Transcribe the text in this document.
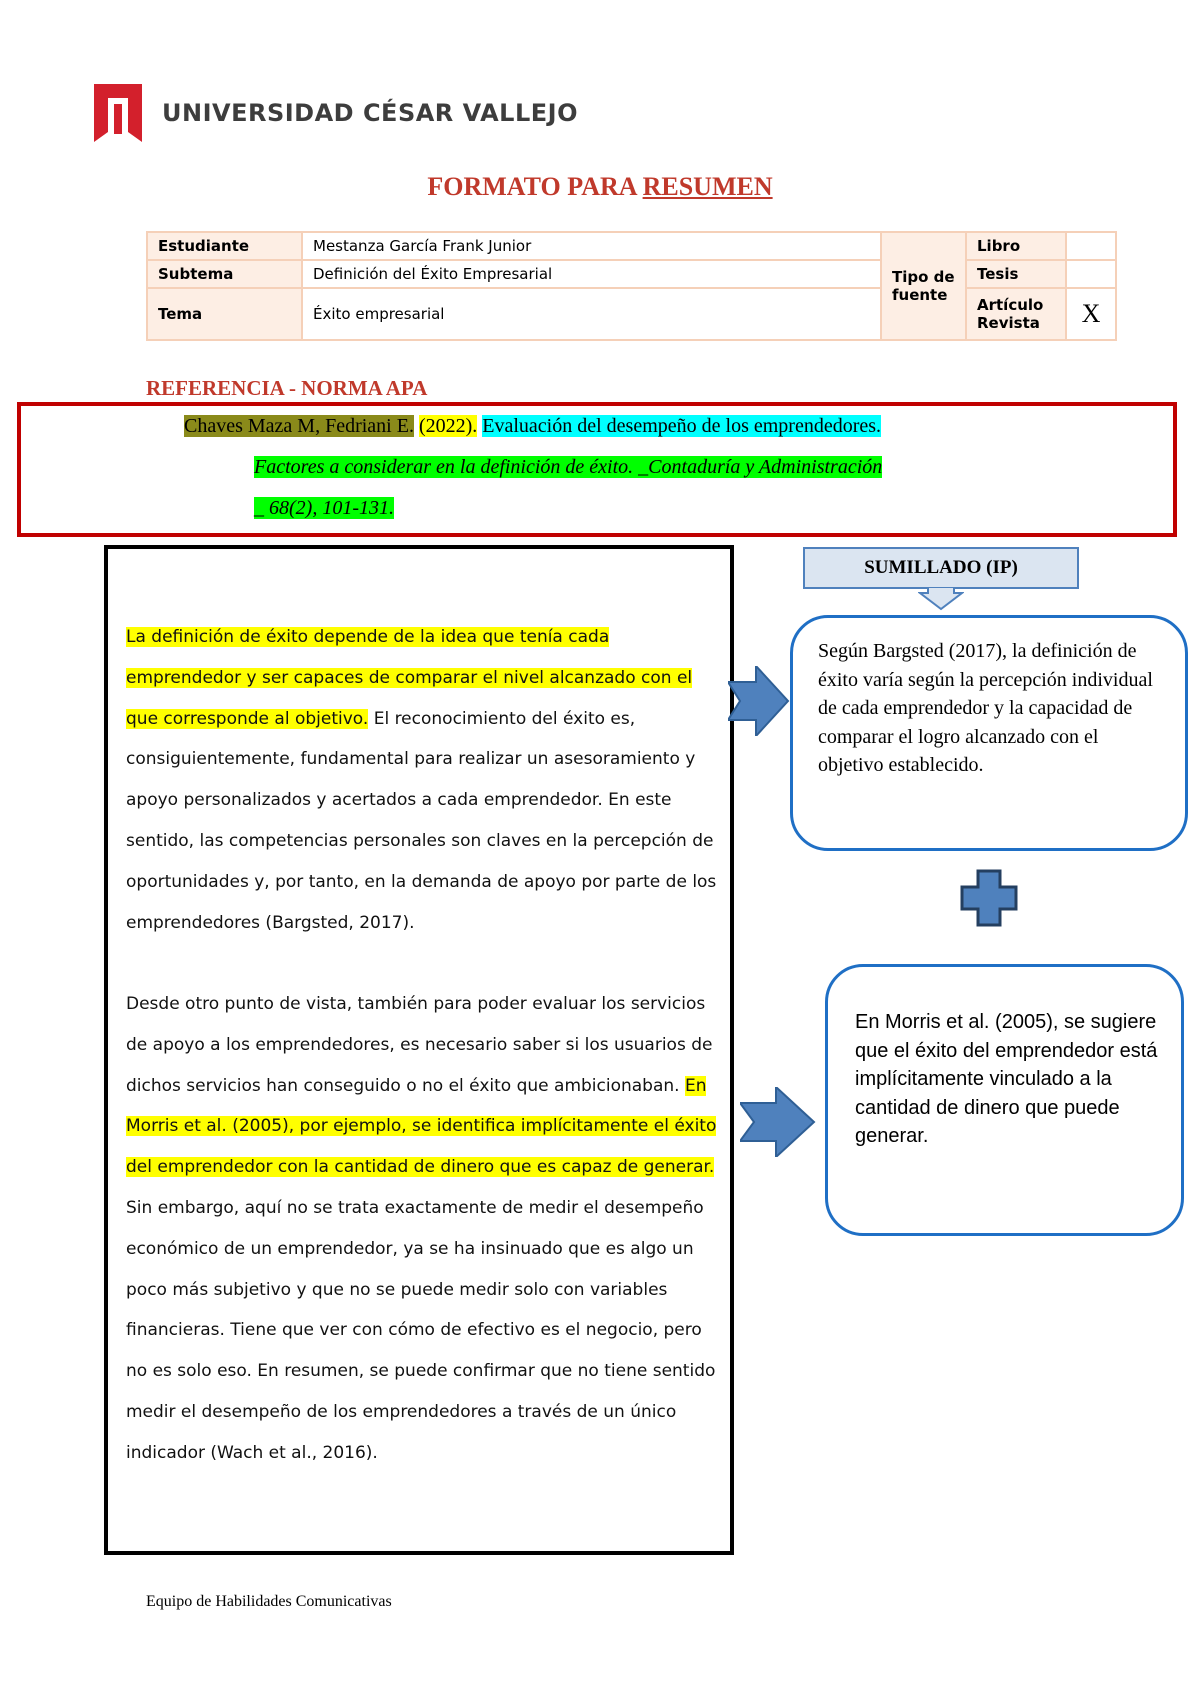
UNIVERSIDAD CÉSAR VALLEJO
FORMATO PARA RESUMEN
Estudiante	Mestanza García Frank Junior	Tipo de fuente	Libro	
Subtema	Definición del Éxito Empresarial		Tesis	
Tema	Éxito empresarial		Artículo Revista	X
REFERENCIA - NORMA APA
Chaves Maza M, Fedriani E. (2022). Evaluación del desempeño de los emprendedores.
Factores a considerar en la definición de éxito. _Contaduría y Administración
_ 68(2), 101-131.
La definición de éxito depende de la idea que tenía cada emprendedor y ser capaces de comparar el nivel alcanzado con el que corresponde al objetivo. El reconocimiento del éxito es, consiguientemente, fundamental para realizar un asesoramiento y apoyo personalizados y acertados a cada emprendedor. En este sentido, las competencias personales son claves en la percepción de oportunidades y, por tanto, en la demanda de apoyo por parte de los emprendedores (Bargsted, 2017).
Desde otro punto de vista, también para poder evaluar los servicios de apoyo a los emprendedores, es necesario saber si los usuarios de dichos servicios han conseguido o no el éxito que ambicionaban. En Morris et al. (2005), por ejemplo, se identifica implícitamente el éxito del emprendedor con la cantidad de dinero que es capaz de generar. Sin embargo, aquí no se trata exactamente de medir el desempeño económico de un emprendedor, ya se ha insinuado que es algo un poco más subjetivo y que no se puede medir solo con variables financieras. Tiene que ver con cómo de efectivo es el negocio, pero no es solo eso. En resumen, se puede confirmar que no tiene sentido medir el desempeño de los emprendedores a través de un único indicador (Wach et al., 2016).
SUMILLADO (IP)
Según Bargsted (2017), la definición de éxito varía según la percepción individual de cada emprendedor y la capacidad de comparar el logro alcanzado con el objetivo establecido.
En Morris et al. (2005), se sugiere que el éxito del emprendedor está implícitamente vinculado a la cantidad de dinero que puede generar.
Equipo de Habilidades Comunicativas
